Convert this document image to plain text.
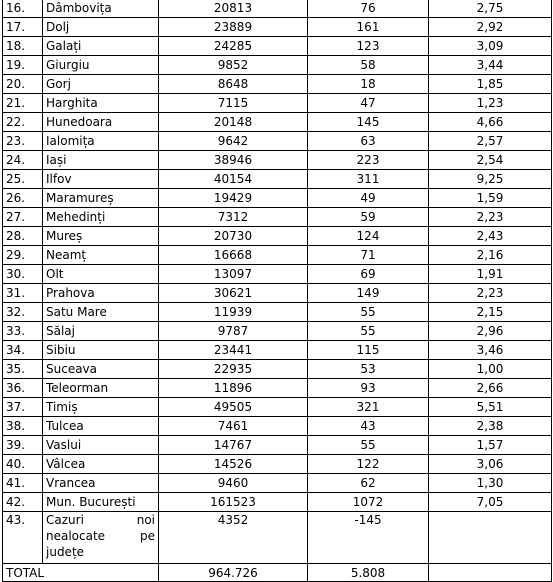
16.	Dâmbovița	20813	76	2,75
17.	Dolj	23889	161	2,92
18.	Galați	24285	123	3,09
19.	Giurgiu	9852	58	3,44
20.	Gorj	8648	18	1,85
21.	Harghita	7115	47	1,23
22.	Hunedoara	20148	145	4,66
23.	Ialomița	9642	63	2,57
24.	Iași	38946	223	2,54
25.	Ilfov	40154	311	9,25
26.	Maramureș	19429	49	1,59
27.	Mehedinți	7312	59	2,23
28.	Mureș	20730	124	2,43
29.	Neamț	16668	71	2,16
30.	Olt	13097	69	1,91
31.	Prahova	30621	149	2,23
32.	Satu Mare	11939	55	2,15
33.	Sălaj	9787	55	2,96
34.	Sibiu	23441	115	3,46
35.	Suceava	22935	53	1,00
36.	Teleorman	11896	93	2,66
37.	Timiș	49505	321	5,51
38.	Tulcea	7461	43	2,38
39.	Vaslui	14767	55	1,57
40.	Vâlcea	14526	122	3,06
41.	Vrancea	9460	62	1,30
42.	Mun. București	161523	1072	7,05
43.	Cazuri noi
nealocate pe
județe	4352	-145	
TOTAL		964.726	5.808	
